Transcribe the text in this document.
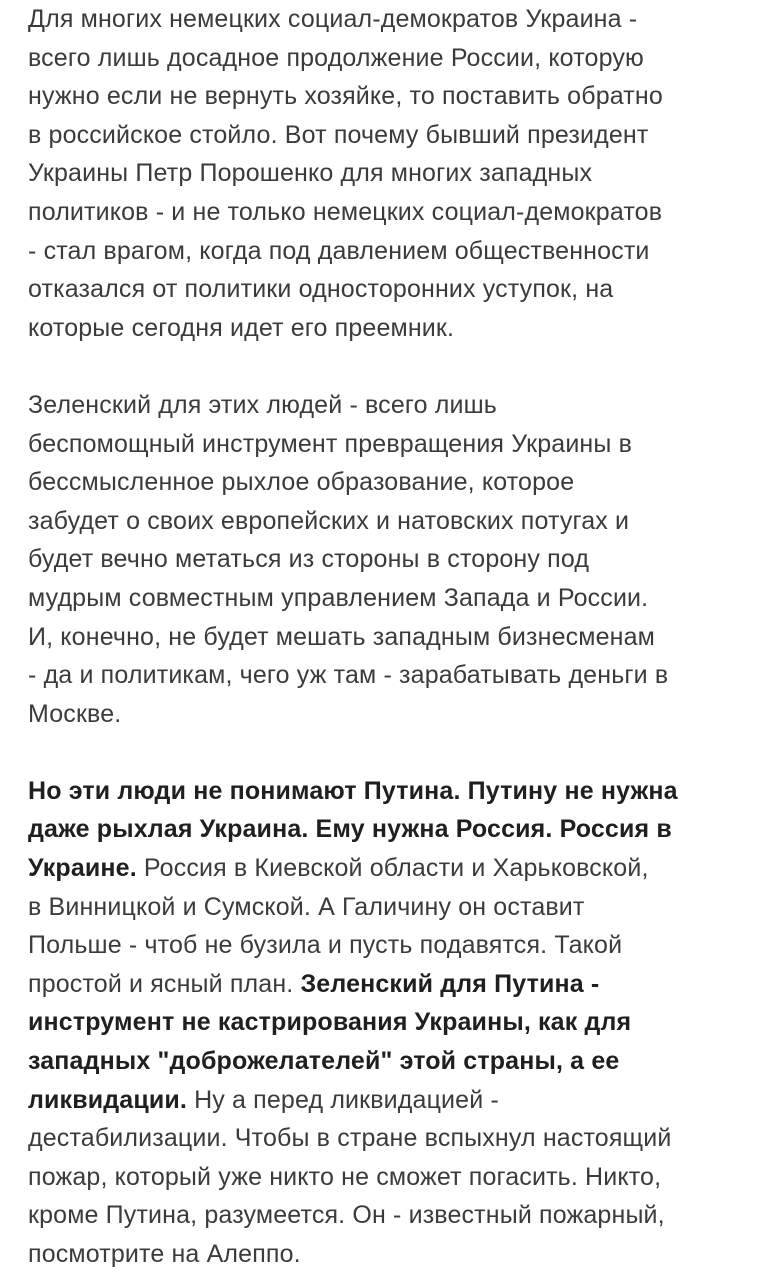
Для многих немецких социал-демократов Украина -
всего лишь досадное продолжение России, которую
нужно если не вернуть хозяйке, то поставить обратно
в российское стойло. Вот почему бывший президент
Украины Петр Порошенко для многих западных
политиков - и не только немецких социал-демократов
- стал врагом, когда под давлением общественности
отказался от политики односторонних уступок, на
которые сегодня идет его преемник.

Зеленский для этих людей - всего лишь
беспомощный инструмент превращения Украины в
бессмысленное рыхлое образование, которое
забудет о своих европейских и натовских потугах и
будет вечно метаться из стороны в сторону под
мудрым совместным управлением Запада и России.
И, конечно, не будет мешать западным бизнесменам
- да и политикам, чего уж там - зарабатывать деньги в
Москве.

Но эти люди не понимают Путина. Путину не нужна
даже рыхлая Украина. Ему нужна Россия. Россия в
Украине. Россия в Киевской области и Харьковской,
в Винницкой и Сумской. А Галичину он оставит
Польше - чтоб не бузила и пусть подавятся. Такой
простой и ясный план. Зеленский для Путина -
инструмент не кастрирования Украины, как для
западных "доброжелателей" этой страны, а ее
ликвидации. Ну а перед ликвидацией -
дестабилизации. Чтобы в стране вспыхнул настоящий
пожар, который уже никто не сможет погасить. Никто,
кроме Путина, разумеется. Он - известный пожарный,
посмотрите на Алеппо.
